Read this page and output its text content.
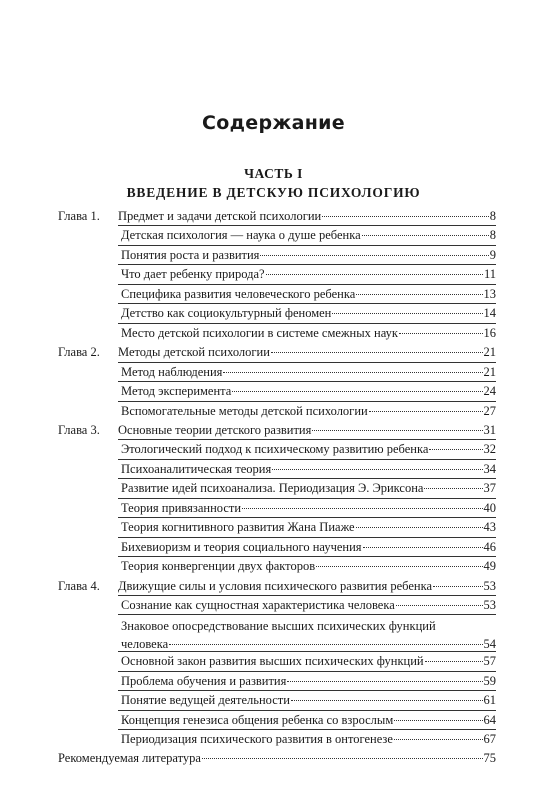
Содержание
ЧАСТЬ I
ВВЕДЕНИЕ В ДЕТСКУЮ ПСИХОЛОГИЮ
Глава 1. Предмет и задачи детской психологии	8
Детская психология — наука о душе ребенка	8
Понятия роста и развития	9
Что дает ребенку природа?	11
Специфика развития человеческого ребенка	13
Детство как социокультурный феномен	14
Место детской психологии в системе смежных наук	16
Глава 2. Методы детской психологии	21
Метод наблюдения	21
Метод эксперимента	24
Вспомогательные методы детской психологии	27
Глава 3. Основные теории детского развития	31
Этологический подход к психическому развитию ребенка	32
Психоаналитическая теория	34
Развитие идей психоанализа. Периодизация Э. Эриксона	37
Теория привязанности	40
Теория когнитивного развития Жана Пиаже	43
Бихевиоризм и теория социального научения	46
Теория конвергенции двух факторов	49
Глава 4. Движущие силы и условия психического развития ребенка	53
Сознание как сущностная характеристика человека	53
Знаковое опосредствование высших психических функций
человека	54
Основной закон развития высших психических функций	57
Проблема обучения и развития	59
Понятие ведущей деятельности	61
Концепция генезиса общения ребенка со взрослым	64
Периодизация психического развития в онтогенезе	67
Рекомендуемая литература	75
